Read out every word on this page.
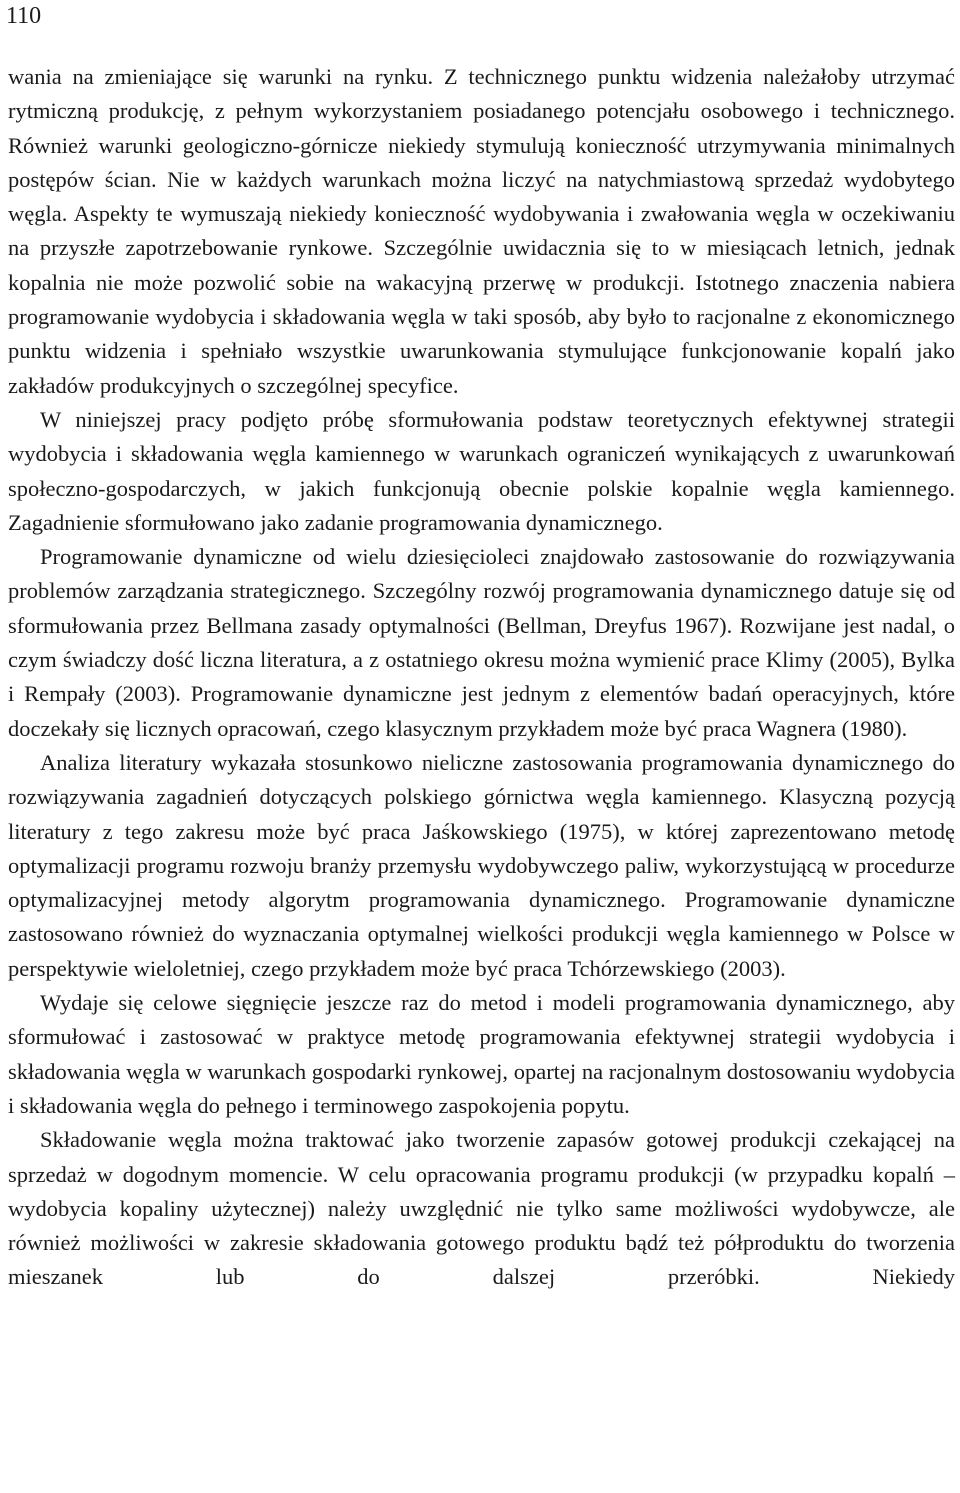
110

wania na zmieniające się warunki na rynku. Z technicznego punktu widzenia należałoby utrzymać rytmiczną produkcję, z pełnym wykorzystaniem posiadanego potencjału osobowego i technicznego. Również warunki geologiczno-górnicze niekiedy stymulują konieczność utrzymywania minimalnych postępów ścian. Nie w każdych warunkach można liczyć na natychmiastową sprzedaż wydobytego węgla. Aspekty te wymuszają niekiedy konieczność wydobywania i zwałowania węgla w oczekiwaniu na przyszłe zapotrzebowanie rynkowe. Szczególnie uwidacznia się to w miesiącach letnich, jednak kopalnia nie może pozwolić sobie na wakacyjną przerwę w produkcji. Istotnego znaczenia nabiera programowanie wydobycia i składowania węgla w taki sposób, aby było to racjonalne z ekonomicznego punktu widzenia i spełniało wszystkie uwarunkowania stymulujące funkcjonowanie kopalń jako zakładów produkcyjnych o szczególnej specyfice.

W niniejszej pracy podjęto próbę sformułowania podstaw teoretycznych efektywnej strategii wydobycia i składowania węgla kamiennego w warunkach ograniczeń wynikających z uwarunkowań społeczno-gospodarczych, w jakich funkcjonują obecnie polskie kopalnie węgla kamiennego. Zagadnienie sformułowano jako zadanie programowania dynamicznego.

Programowanie dynamiczne od wielu dziesięcioleci znajdowało zastosowanie do rozwiązywania problemów zarządzania strategicznego. Szczególny rozwój programowania dynamicznego datuje się od sformułowania przez Bellmana zasady optymalności (Bellman, Dreyfus 1967). Rozwijane jest nadal, o czym świadczy dość liczna literatura, a z ostatniego okresu można wymienić prace Klimy (2005), Bylka i Rempały (2003). Programowanie dynamiczne jest jednym z elementów badań operacyjnych, które doczekały się licznych opracowań, czego klasycznym przykładem może być praca Wagnera (1980).

Analiza literatury wykazała stosunkowo nieliczne zastosowania programowania dynamicznego do rozwiązywania zagadnień dotyczących polskiego górnictwa węgla kamiennego. Klasyczną pozycją literatury z tego zakresu może być praca Jaśkowskiego (1975), w której zaprezentowano metodę optymalizacji programu rozwoju branży przemysłu wydobywczego paliw, wykorzystującą w procedurze optymalizacyjnej metody algorytm programowania dynamicznego. Programowanie dynamiczne zastosowano również do wyznaczania optymalnej wielkości produkcji węgla kamiennego w Polsce w perspektywie wieloletniej, czego przykładem może być praca Tchórzewskiego (2003).

Wydaje się celowe sięgnięcie jeszcze raz do metod i modeli programowania dynamicznego, aby sformułować i zastosować w praktyce metodę programowania efektywnej strategii wydobycia i składowania węgla w warunkach gospodarki rynkowej, opartej na racjonalnym dostosowaniu wydobycia i składowania węgla do pełnego i terminowego zaspokojenia popytu.

Składowanie węgla można traktować jako tworzenie zapasów gotowej produkcji czekającej na sprzedaż w dogodnym momencie. W celu opracowania programu produkcji (w przypadku kopalń – wydobycia kopaliny użytecznej) należy uwzględnić nie tylko same możliwości wydobywcze, ale również możliwości w zakresie składowania gotowego produktu bądź też półproduktu do tworzenia mieszanek lub do dalszej przeróbki. Niekiedy
